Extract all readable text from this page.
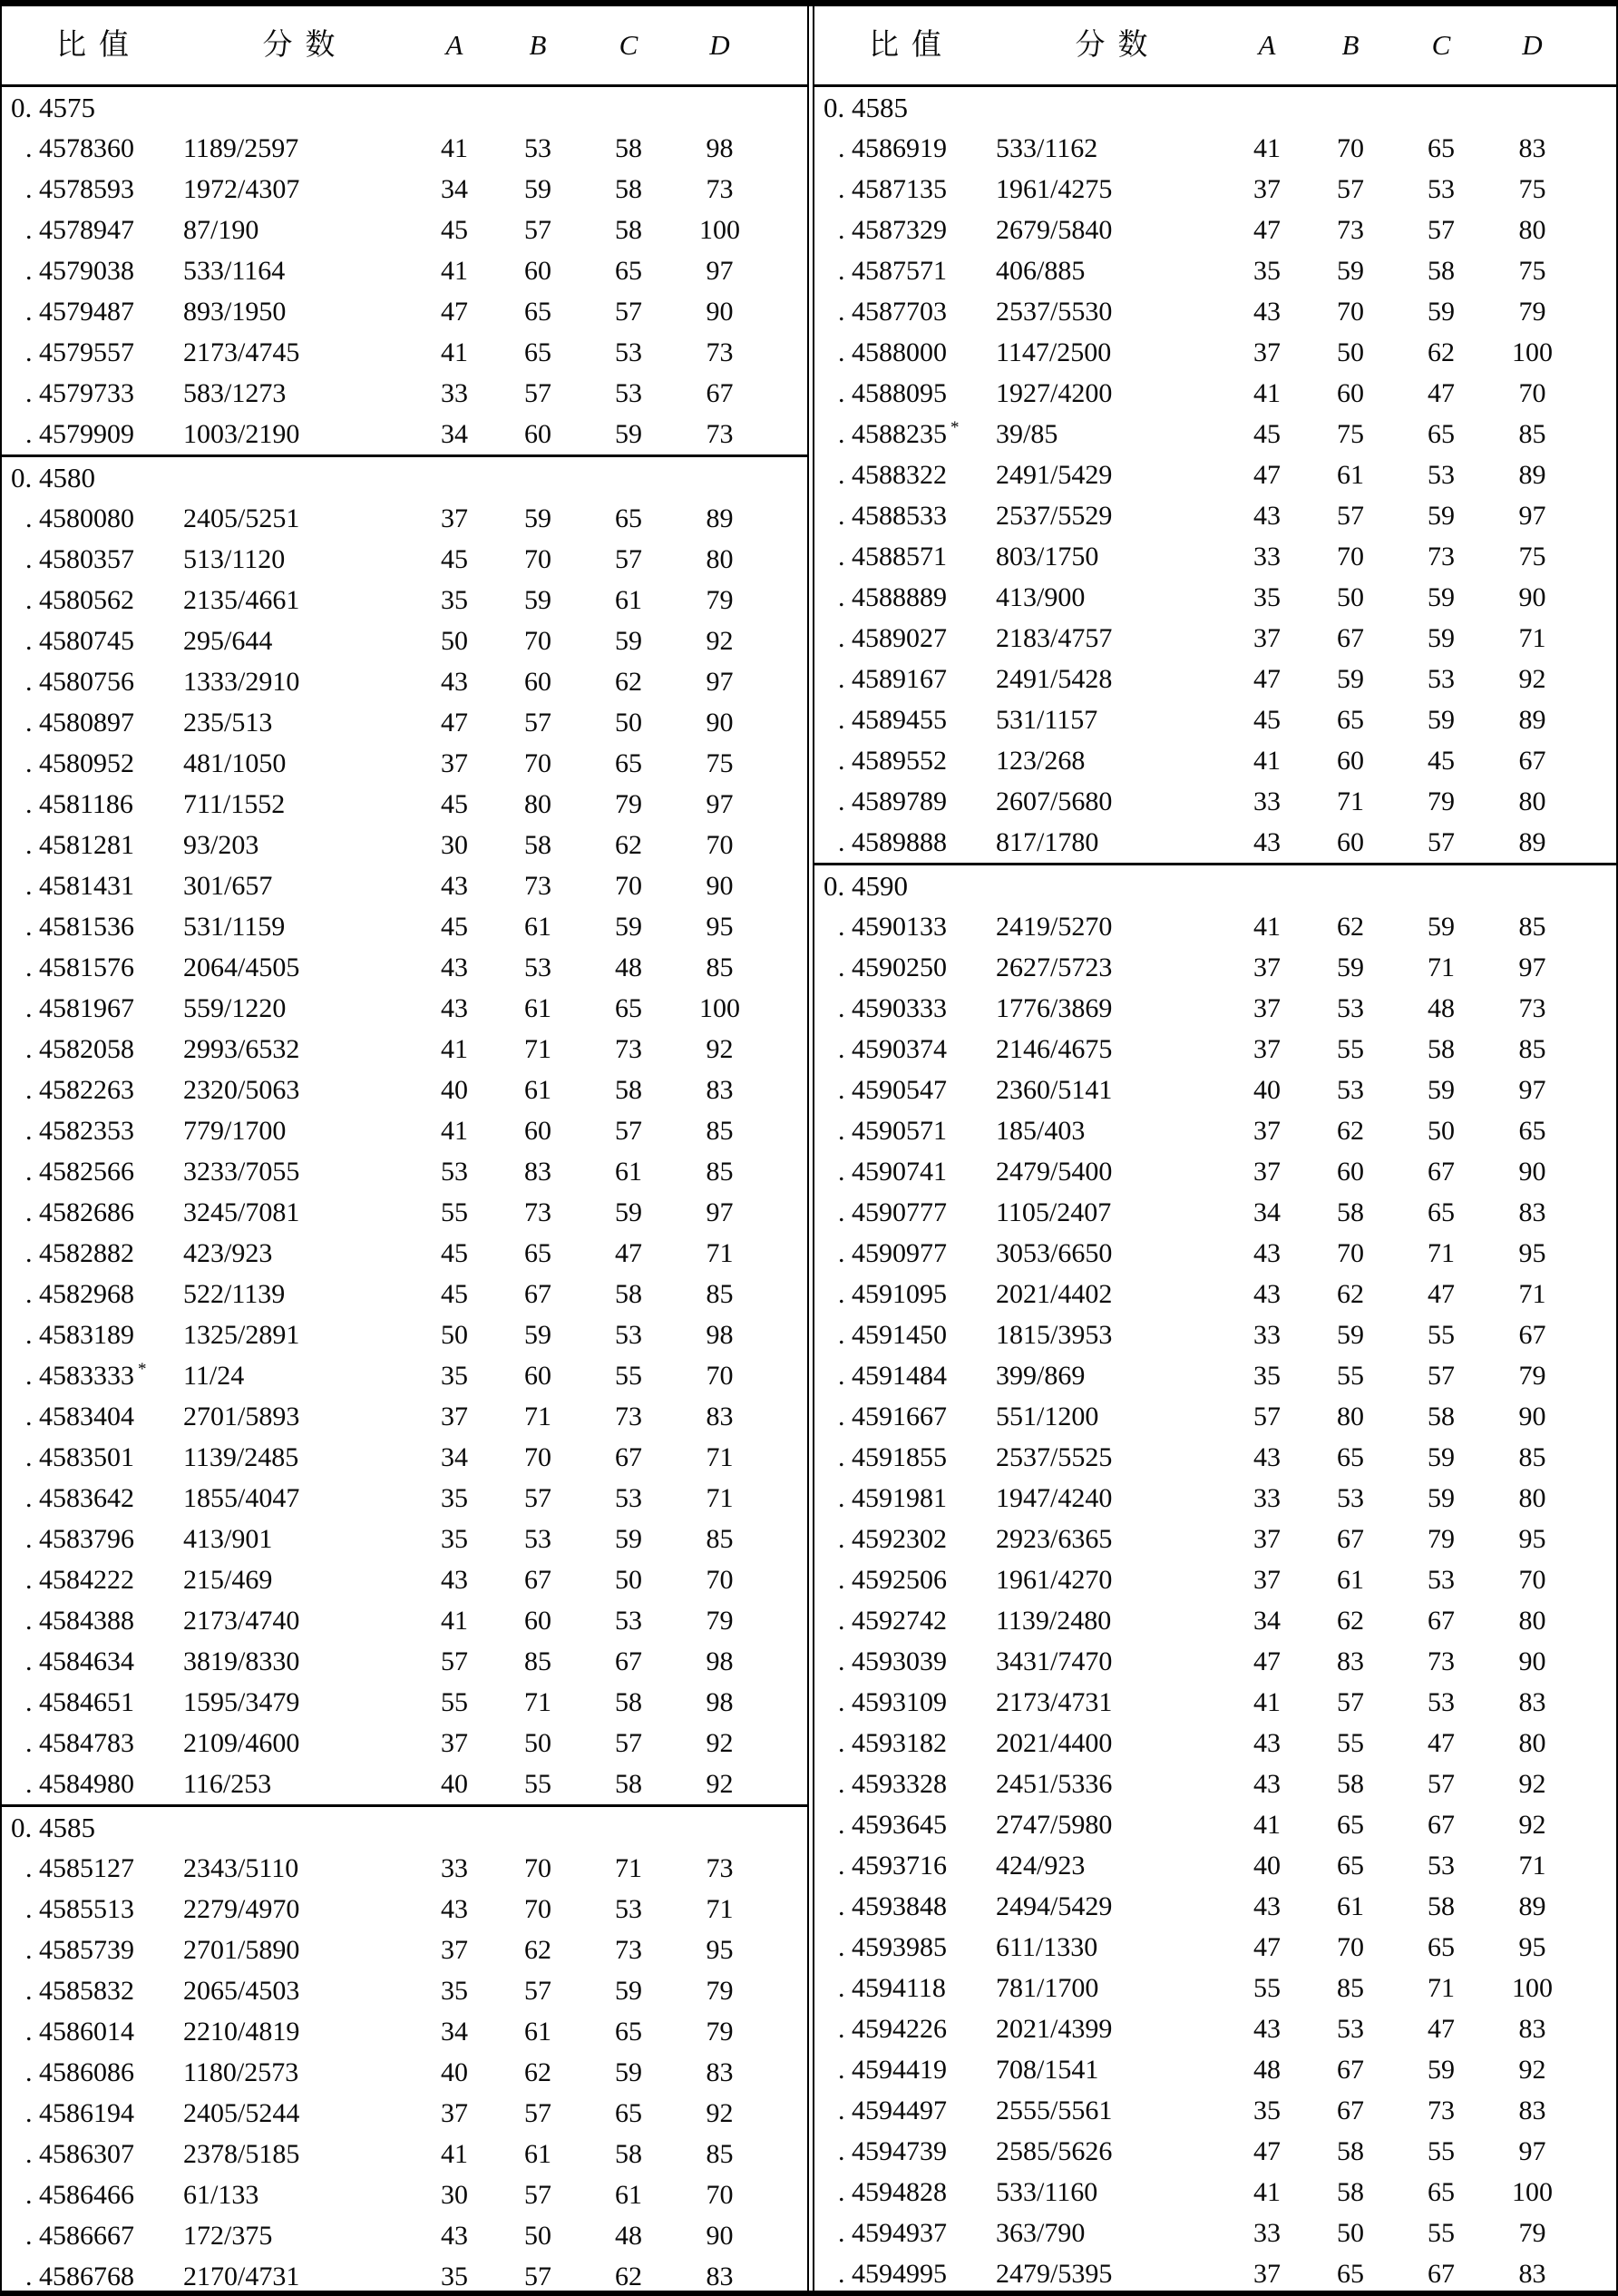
比值	分数	A	B	C	D
0. 4575
. 4578360	1189/2597	41	53	58	98
. 4578593	1972/4307	34	59	58	73
. 4578947	87/190	45	57	58	100
. 4579038	533/1164	41	60	65	97
. 4579487	893/1950	47	65	57	90
. 4579557	2173/4745	41	65	53	73
. 4579733	583/1273	33	57	53	67
. 4579909	1003/2190	34	60	59	73
0. 4580
. 4580080	2405/5251	37	59	65	89
. 4580357	513/1120	45	70	57	80
. 4580562	2135/4661	35	59	61	79
. 4580745	295/644	50	70	59	92
. 4580756	1333/2910	43	60	62	97
. 4580897	235/513	47	57	50	90
. 4580952	481/1050	37	70	65	75
. 4581186	711/1552	45	80	79	97
. 4581281	93/203	30	58	62	70
. 4581431	301/657	43	73	70	90
. 4581536	531/1159	45	61	59	95
. 4581576	2064/4505	43	53	48	85
. 4581967	559/1220	43	61	65	100
. 4582058	2993/6532	41	71	73	92
. 4582263	2320/5063	40	61	58	83
. 4582353	779/1700	41	60	57	85
. 4582566	3233/7055	53	83	61	85
. 4582686	3245/7081	55	73	59	97
. 4582882	423/923	45	65	47	71
. 4582968	522/1139	45	67	58	85
. 4583189	1325/2891	50	59	53	98
. 4583333 *	11/24	35	60	55	70
. 4583404	2701/5893	37	71	73	83
. 4583501	1139/2485	34	70	67	71
. 4583642	1855/4047	35	57	53	71
. 4583796	413/901	35	53	59	85
. 4584222	215/469	43	67	50	70
. 4584388	2173/4740	41	60	53	79
. 4584634	3819/8330	57	85	67	98
. 4584651	1595/3479	55	71	58	98
. 4584783	2109/4600	37	50	57	92
. 4584980	116/253	40	55	58	92
0. 4585
. 4585127	2343/5110	33	70	71	73
. 4585513	2279/4970	43	70	53	71
. 4585739	2701/5890	37	62	73	95
. 4585832	2065/4503	35	57	59	79
. 4586014	2210/4819	34	61	65	79
. 4586086	1180/2573	40	62	59	83
. 4586194	2405/5244	37	57	65	92
. 4586307	2378/5185	41	61	58	85
. 4586466	61/133	30	57	61	70
. 4586667	172/375	43	50	48	90
. 4586768	2170/4731	35	57	62	83
比值	分数	A	B	C	D
0. 4585
. 4586919	533/1162	41	70	65	83
. 4587135	1961/4275	37	57	53	75
. 4587329	2679/5840	47	73	57	80
. 4587571	406/885	35	59	58	75
. 4587703	2537/5530	43	70	59	79
. 4588000	1147/2500	37	50	62	100
. 4588095	1927/4200	41	60	47	70
. 4588235 *	39/85	45	75	65	85
. 4588322	2491/5429	47	61	53	89
. 4588533	2537/5529	43	57	59	97
. 4588571	803/1750	33	70	73	75
. 4588889	413/900	35	50	59	90
. 4589027	2183/4757	37	67	59	71
. 4589167	2491/5428	47	59	53	92
. 4589455	531/1157	45	65	59	89
. 4589552	123/268	41	60	45	67
. 4589789	2607/5680	33	71	79	80
. 4589888	817/1780	43	60	57	89
0. 4590
. 4590133	2419/5270	41	62	59	85
. 4590250	2627/5723	37	59	71	97
. 4590333	1776/3869	37	53	48	73
. 4590374	2146/4675	37	55	58	85
. 4590547	2360/5141	40	53	59	97
. 4590571	185/403	37	62	50	65
. 4590741	2479/5400	37	60	67	90
. 4590777	1105/2407	34	58	65	83
. 4590977	3053/6650	43	70	71	95
. 4591095	2021/4402	43	62	47	71
. 4591450	1815/3953	33	59	55	67
. 4591484	399/869	35	55	57	79
. 4591667	551/1200	57	80	58	90
. 4591855	2537/5525	43	65	59	85
. 4591981	1947/4240	33	53	59	80
. 4592302	2923/6365	37	67	79	95
. 4592506	1961/4270	37	61	53	70
. 4592742	1139/2480	34	62	67	80
. 4593039	3431/7470	47	83	73	90
. 4593109	2173/4731	41	57	53	83
. 4593182	2021/4400	43	55	47	80
. 4593328	2451/5336	43	58	57	92
. 4593645	2747/5980	41	65	67	92
. 4593716	424/923	40	65	53	71
. 4593848	2494/5429	43	61	58	89
. 4593985	611/1330	47	70	65	95
. 4594118	781/1700	55	85	71	100
. 4594226	2021/4399	43	53	47	83
. 4594419	708/1541	48	67	59	92
. 4594497	2555/5561	35	67	73	83
. 4594739	2585/5626	47	58	55	97
. 4594828	533/1160	41	58	65	100
. 4594937	363/790	33	50	55	79
. 4594995	2479/5395	37	65	67	83
